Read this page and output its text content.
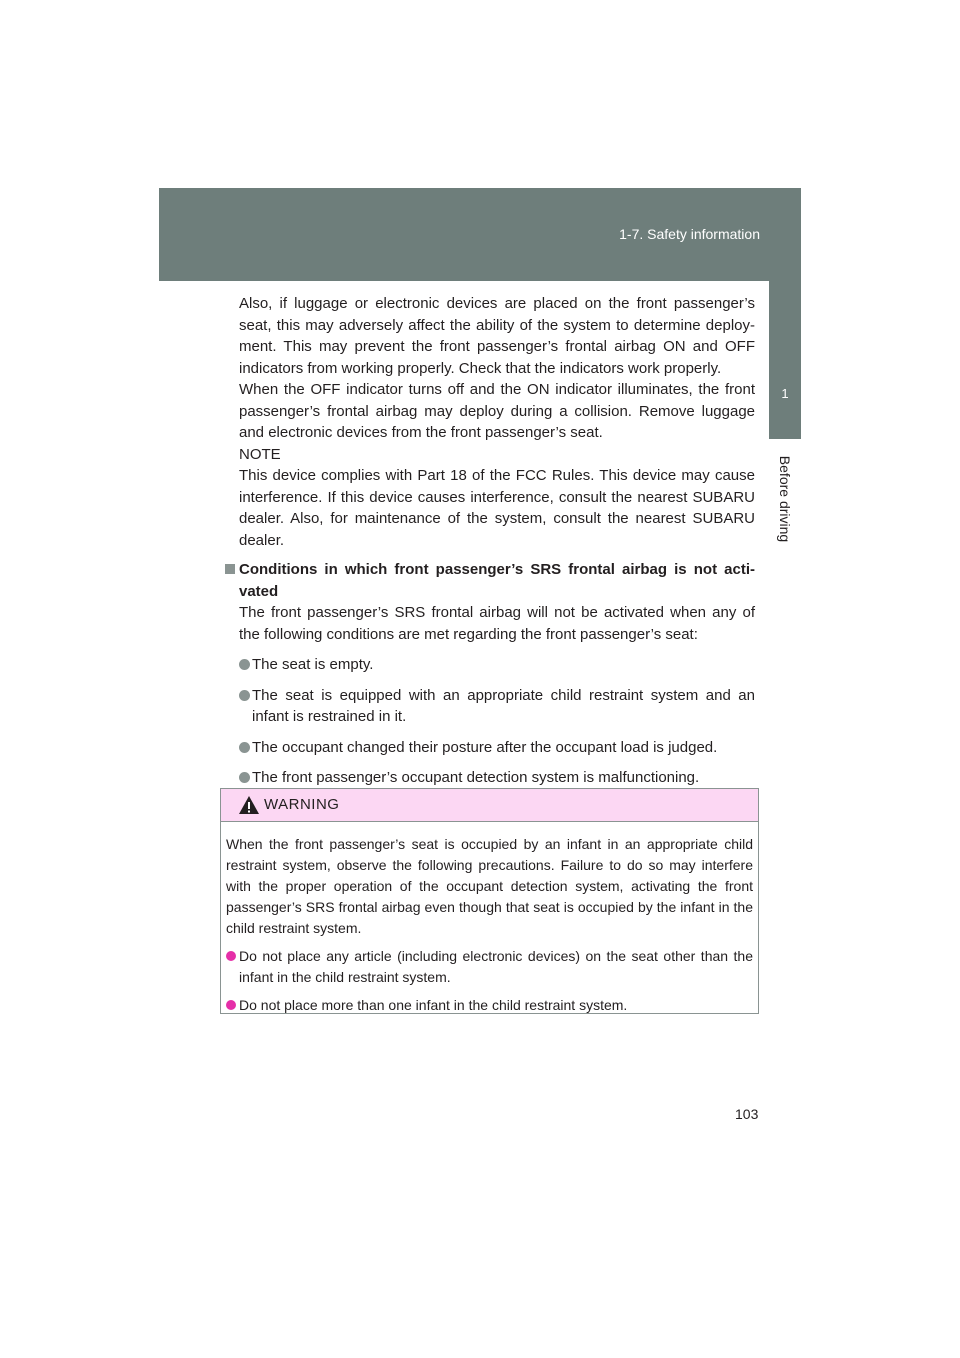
1-7. Safety information
1
Before driving

Also, if luggage or electronic devices are placed on the front passenger’s seat, this may adversely affect the ability of the system to determine deploy-ment. This may prevent the front passenger’s frontal airbag ON and OFF indicators from working properly. Check that the indicators work properly.

When the OFF indicator turns off and the ON indicator illuminates, the front passenger’s frontal airbag may deploy during a collision. Remove luggage and electronic devices from the front passenger’s seat.

NOTE

This device complies with Part 18 of the FCC Rules. This device may cause interference. If this device causes interference, consult the nearest SUBARU dealer. Also, for maintenance of the system, consult the nearest SUBARU dealer.

Conditions in which front passenger’s SRS frontal airbag is not acti-vated

The front passenger’s SRS frontal airbag will not be activated when any of the following conditions are met regarding the front passenger’s seat:

The seat is empty.
The seat is equipped with an appropriate child restraint system and an infant is restrained in it.
The occupant changed their posture after the occupant load is judged.
The front passenger’s occupant detection system is malfunctioning.
WARNING

When the front passenger’s seat is occupied by an infant in an appropriate child restraint system, observe the following precautions. Failure to do so may interfere with the proper operation of the occupant detection system, activating the front passenger’s SRS frontal airbag even though that seat is occupied by the infant in the child restraint system.

Do not place any article (including electronic devices) on the seat other than the infant in the child restraint system.
Do not place more than one infant in the child restraint system.
103
